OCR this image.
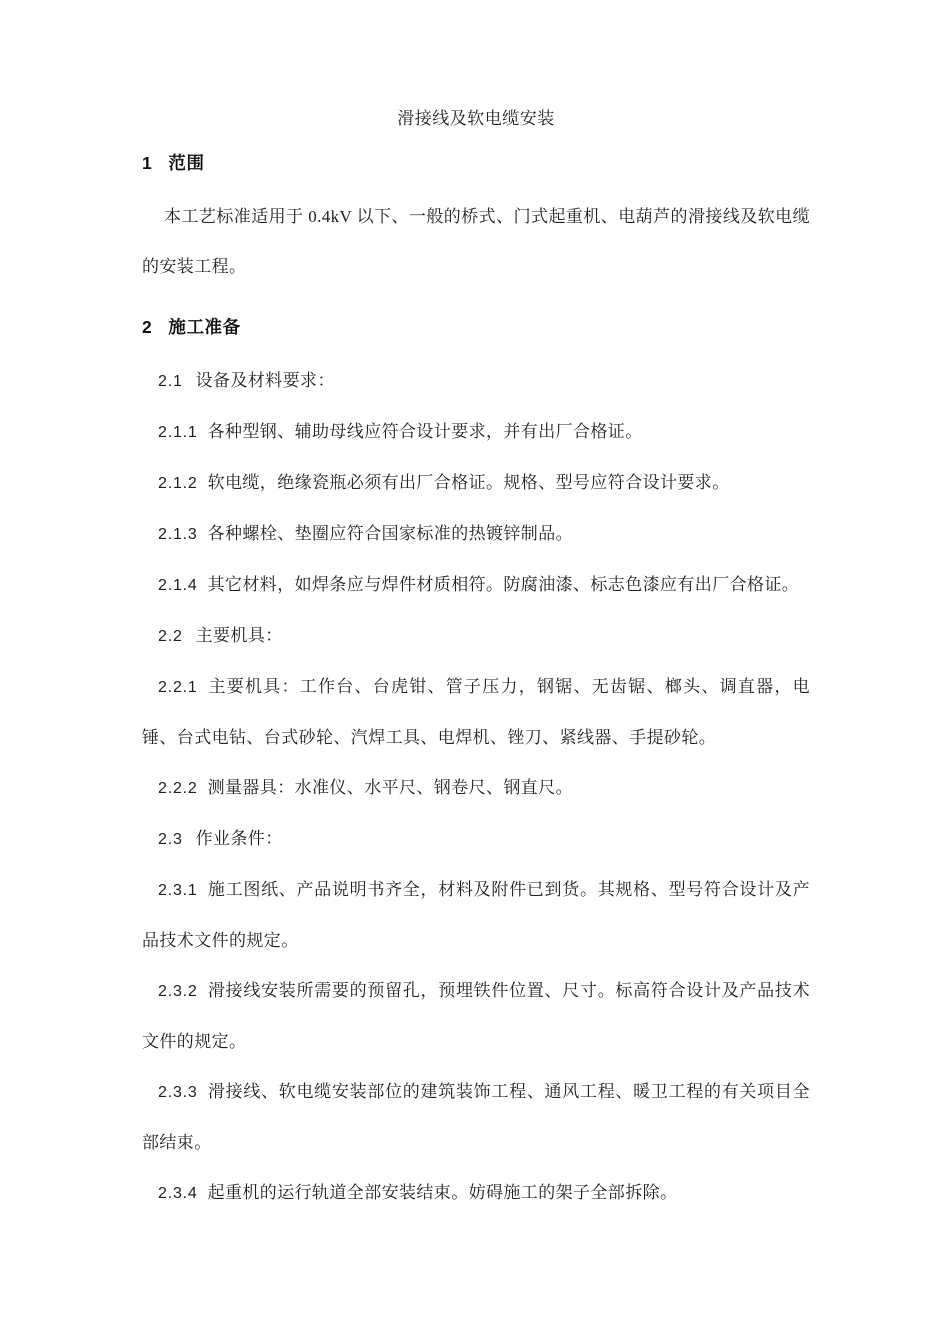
滑接线及软电缆安装
1 范围
本工艺标准适用于 0.4kV 以下、一般的桥式、门式起重机、电葫芦的滑接线及软电缆的安装工程。
2 施工准备
2.1 设备及材料要求：
2.1.1 各种型钢、辅助母线应符合设计要求，并有出厂合格证。
2.1.2 软电缆，绝缘瓷瓶必须有出厂合格证。规格、型号应符合设计要求。
2.1.3 各种螺栓、垫圈应符合国家标准的热镀锌制品。
2.1.4 其它材料，如焊条应与焊件材质相符。防腐油漆、标志色漆应有出厂合格证。
2.2 主要机具：
2.2.1 主要机具：工作台、台虎钳、管子压力，钢锯、无齿锯、榔头、调直器，电锤、台式电钻、台式砂轮、汽焊工具、电焊机、锉刀、紧线器、手提砂轮。
2.2.2 测量器具：水准仪、水平尺、钢卷尺、钢直尺。
2.3 作业条件：
2.3.1 施工图纸、产品说明书齐全，材料及附件已到货。其规格、型号符合设计及产品技术文件的规定。
2.3.2 滑接线安装所需要的预留孔，预埋铁件位置、尺寸。标高符合设计及产品技术文件的规定。
2.3.3 滑接线、软电缆安装部位的建筑装饰工程、通风工程、暖卫工程的有关项目全部结束。
2.3.4 起重机的运行轨道全部安装结束。妨碍施工的架子全部拆除。
